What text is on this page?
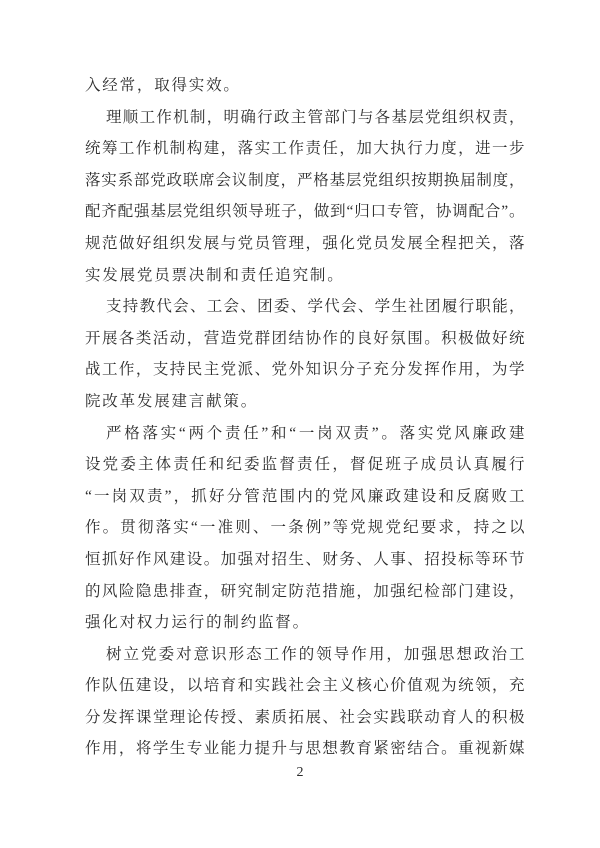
入经常，取得实效。
理顺工作机制，明确行政主管部门与各基层党组织权责，
统筹工作机制构建，落实工作责任，加大执行力度，进一步
落实系部党政联席会议制度，严格基层党组织按期换届制度，
配齐配强基层党组织领导班子，做到“归口专管，协调配合”。
规范做好组织发展与党员管理，强化党员发展全程把关，落
实发展党员票决制和责任追究制。
支持教代会、工会、团委、学代会、学生社团履行职能，
开展各类活动，营造党群团结协作的良好氛围。积极做好统
战工作，支持民主党派、党外知识分子充分发挥作用，为学
院改革发展建言献策。
严格落实“两个责任”和“一岗双责”。落实党风廉政建
设党委主体责任和纪委监督责任，督促班子成员认真履行
“一岗双责”，抓好分管范围内的党风廉政建设和反腐败工
作。贯彻落实“一准则、一条例”等党规党纪要求，持之以
恒抓好作风建设。加强对招生、财务、人事、招投标等环节
的风险隐患排查，研究制定防范措施，加强纪检部门建设，
强化对权力运行的制约监督。
树立党委对意识形态工作的领导作用，加强思想政治工
作队伍建设，以培育和实践社会主义核心价值观为统领，充
分发挥课堂理论传授、素质拓展、社会实践联动育人的积极
作用，将学生专业能力提升与思想教育紧密结合。重视新媒
2
